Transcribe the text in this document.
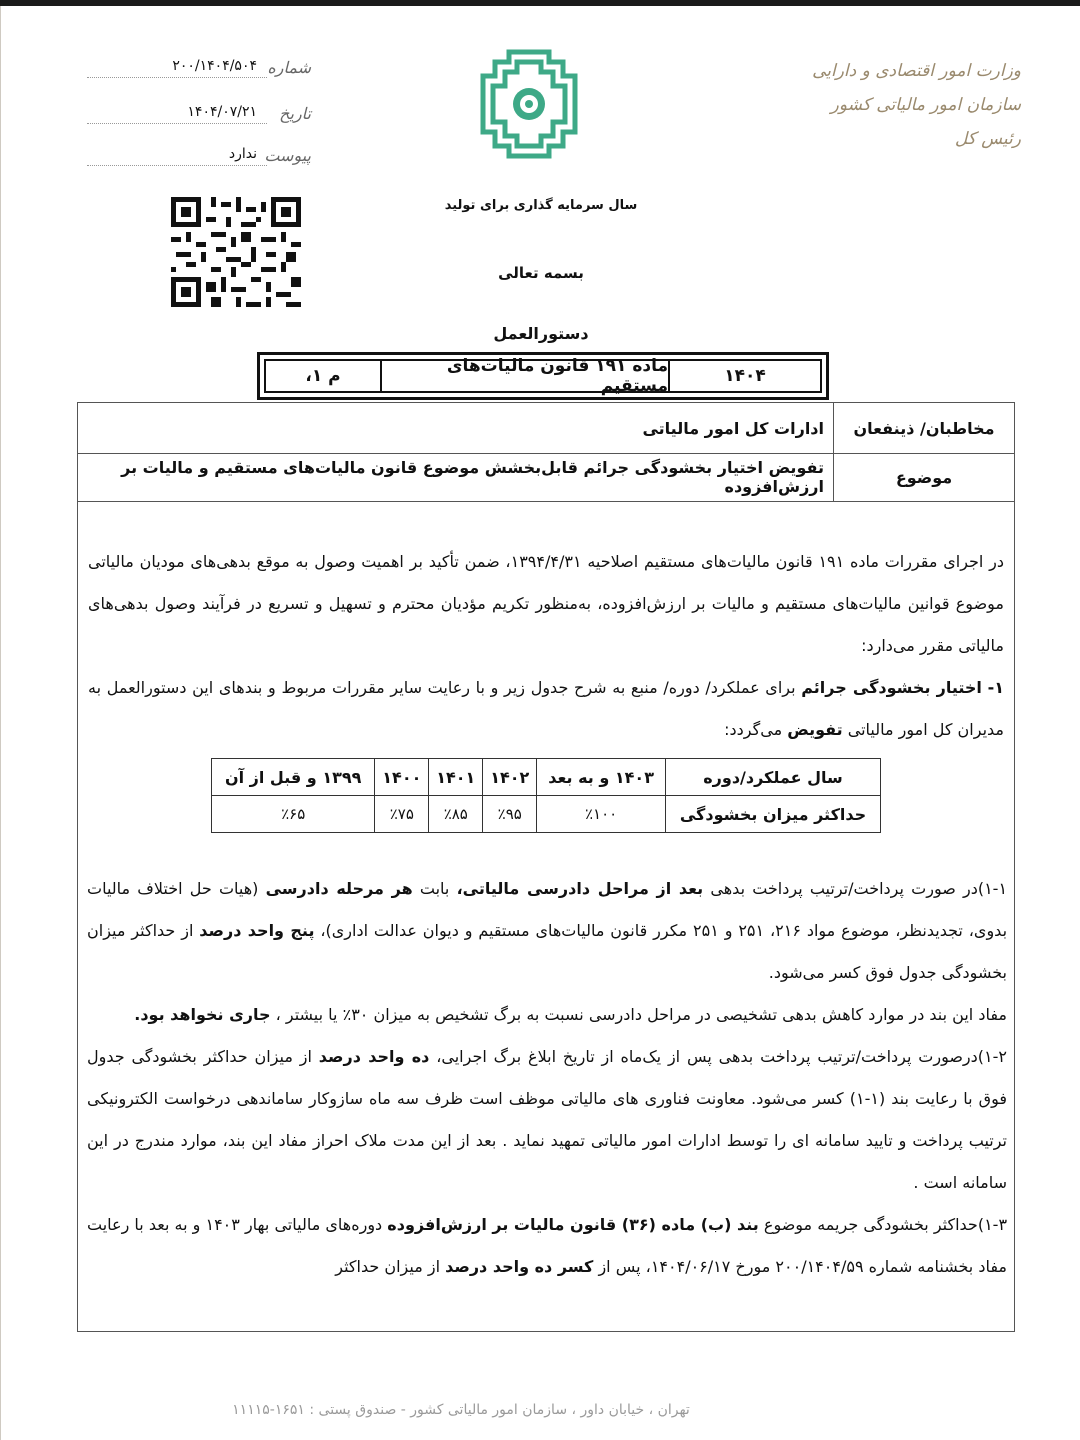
وزارت امور اقتصادی و دارایی
سازمان امور مالیاتی کشور
رئیس کل
شماره
۲۰۰/۱۴۰۴/۵۰۴
تاریخ
۱۴۰۴/۰۷/۲۱
پیوست
ندارد
سال سرمایه گذاری برای تولید
بسمه تعالی
دستورالعمل
۱۴۰۴
ماده ۱۹۱ قانون مالیات‌های مستقیم
م ۱،
مخاطبان/ ذینفعان
ادارات کل امور مالیاتی
موضوع
تفویض اختیار بخشودگی جرائم قابل‌بخشش موضوع قانون مالیات‌های مستقیم و مالیات بر ارزش‌افزوده

در اجرای مقررات ماده ۱۹۱ قانون مالیات‌های مستقیم اصلاحیه ۱۳۹۴/۴/۳۱، ضمن تأکید بر اهمیت وصول به موقع بدهی‌های مودیان مالیاتی موضوع قوانین مالیات‌های مستقیم و مالیات بر ارزش‌افزوده، به‌منظور تکریم مؤدیان محترم و تسهیل و تسریع در فرآیند وصول بدهی‌های مالیاتی مقرر می‌دارد:

۱- اختیار بخشودگی جرائم برای عملکرد/ دوره/ منبع به شرح جدول زیر و با رعایت سایر مقررات مربوط و بندهای این دستورالعمل به مدیران کل امور مالیاتی تفویض می‌گردد:

سال عملکرد/دوره	۱۴۰۳ و به بعد	۱۴۰۲	۱۴۰۱	۱۴۰۰	۱۳۹۹ و قبل از آن
حداکثر میزان بخشودگی	٪۱۰۰	٪۹۵	٪۸۵	٪۷۵	٪۶۵

۱-۱)در صورت پرداخت/ترتیب پرداخت بدهی بعد از مراحل دادرسی مالیاتی، بابت هر مرحله دادرسی (هیات حل اختلاف مالیات بدوی، تجدیدنظر، موضوع مواد ۲۱۶، ۲۵۱ و ۲۵۱ مکرر قانون مالیات‌های مستقیم و دیوان عدالت اداری)، پنج واحد درصد از حداکثر میزان بخشودگی جدول فوق کسر می‌شود.

مفاد این بند در موارد کاهش بدهی تشخیصی در مراحل دادرسی نسبت به برگ تشخیص به میزان ۳۰٪ یا بیشتر ، جاری نخواهد بود.

۱-۲)درصورت پرداخت/ترتیب پرداخت بدهی پس از یک‌ماه از تاریخ ابلاغ برگ اجرایی، ده واحد درصد از میزان حداکثر بخشودگی جدول فوق با رعایت بند (۱-۱) کسر می‌شود. معاونت فناوری های مالیاتی موظف است ظرف سه ماه سازوکار ساماندهی درخواست الکترونیکی ترتیب پرداخت و تایید سامانه ای را توسط ادارات امور مالیاتی تمهید نماید . بعد از این مدت ملاک احراز مفاد این بند، موارد مندرج در این سامانه است .

۱-۳)حداکثر بخشودگی جریمه موضوع بند (ب) ماده (۳۶) قانون مالیات بر ارزش‌افزوده دوره‌های مالیاتی بهار ۱۴۰۳ و به بعد با رعایت مفاد بخشنامه شماره ۲۰۰/۱۴۰۴/۵۹ مورخ ۱۴۰۴/۰۶/۱۷، پس از کسر ده واحد درصد از میزان حداکثر

تهران ، خیابان داور ، سازمان امور مالیاتی کشور - صندوق پستی : ۱۶۵۱-۱۱۱۱۵
